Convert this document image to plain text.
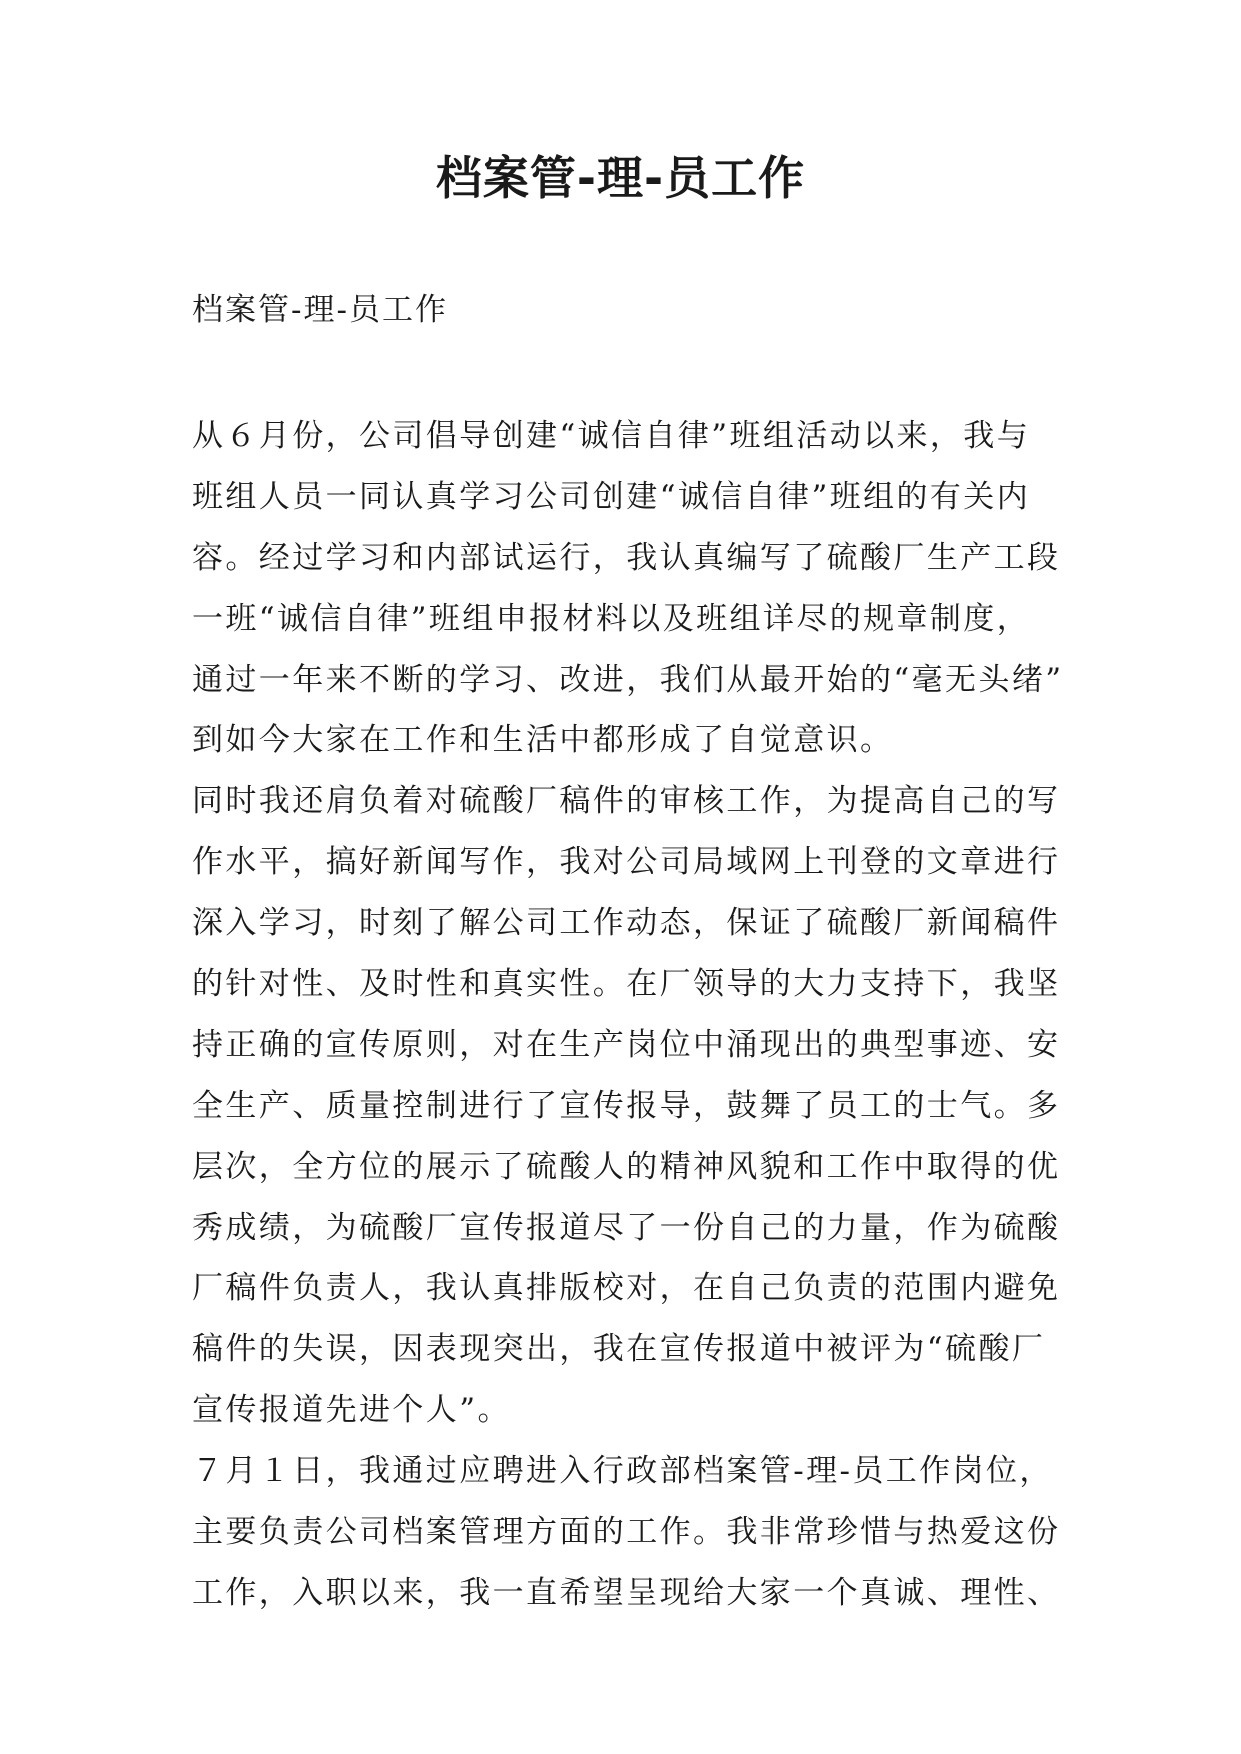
档案管-理-员工作
档案管-理-员工作
从６月份，公司倡导创建“诚信自律”班组活动以来，我与
班组人员一同认真学习公司创建“诚信自律”班组的有关内
容。经过学习和内部试运行，我认真编写了硫酸厂生产工段
一班“诚信自律”班组申报材料以及班组详尽的规章制度，
通过一年来不断的学习、改进，我们从最开始的“毫无头绪”
到如今大家在工作和生活中都形成了自觉意识。
同时我还肩负着对硫酸厂稿件的审核工作，为提高自己的写
作水平，搞好新闻写作，我对公司局域网上刊登的文章进行
深入学习，时刻了解公司工作动态，保证了硫酸厂新闻稿件
的针对性、及时性和真实性。在厂领导的大力支持下，我坚
持正确的宣传原则，对在生产岗位中涌现出的典型事迹、安
全生产、质量控制进行了宣传报导，鼓舞了员工的士气。多
层次，全方位的展示了硫酸人的精神风貌和工作中取得的优
秀成绩，为硫酸厂宣传报道尽了一份自己的力量，作为硫酸
厂稿件负责人，我认真排版校对，在自己负责的范围内避免
稿件的失误，因表现突出，我在宣传报道中被评为“硫酸厂
宣传报道先进个人”。
７月１日，我通过应聘进入行政部档案管-理-员工作岗位，
主要负责公司档案管理方面的工作。我非常珍惜与热爱这份
工作，入职以来，我一直希望呈现给大家一个真诚、理性、
